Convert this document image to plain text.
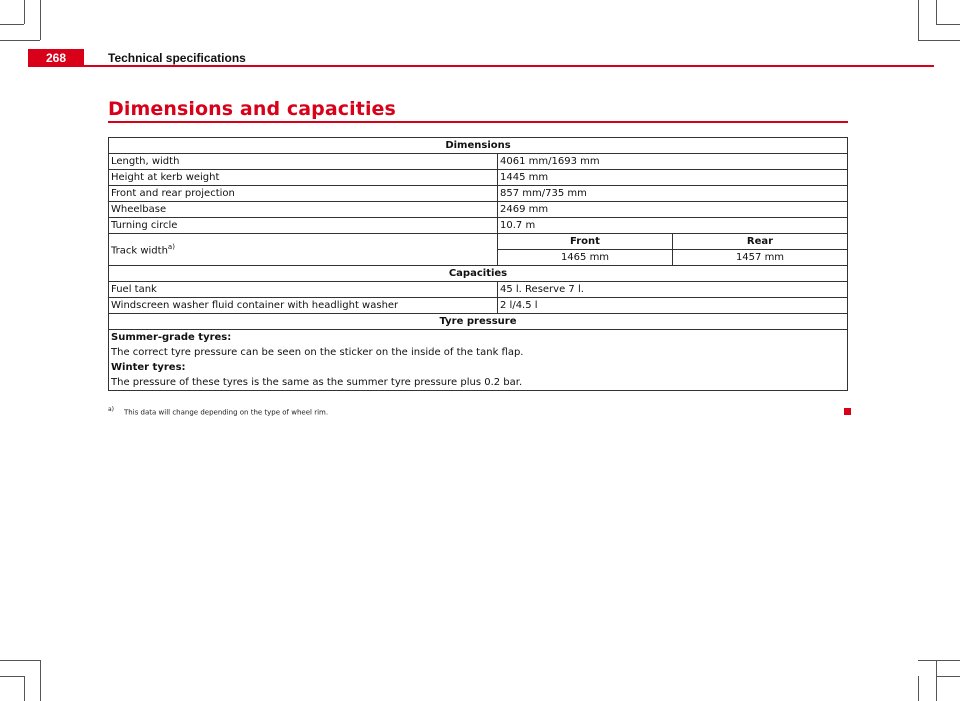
268	Technical specifications
Dimensions and capacities
Dimensions		
Length, width	4061 mm/1693 mm	
Height at kerb weight	1445 mm	
Front and rear projection	857 mm/735 mm	
Wheelbase	2469 mm	
Turning circle	10.7 m	
Track width$^{a)}$	Front	Rear
	1465 mm	1457 mm
Capacities		
Fuel tank	45 l. Reserve 7 l.	
Windscreen washer fluid container with headlight washer	2 l/4.5 l	
Tyre pressure		

Summer-grade tyres:
The correct tyre pressure can be seen on the sticker on the inside of the tank flap.
Winter tyres:
The pressure of these tyres is the same as the summer tyre pressure plus 0.2 bar.		
$^{a)}$ This data will change depending on the type of wheel rim.
